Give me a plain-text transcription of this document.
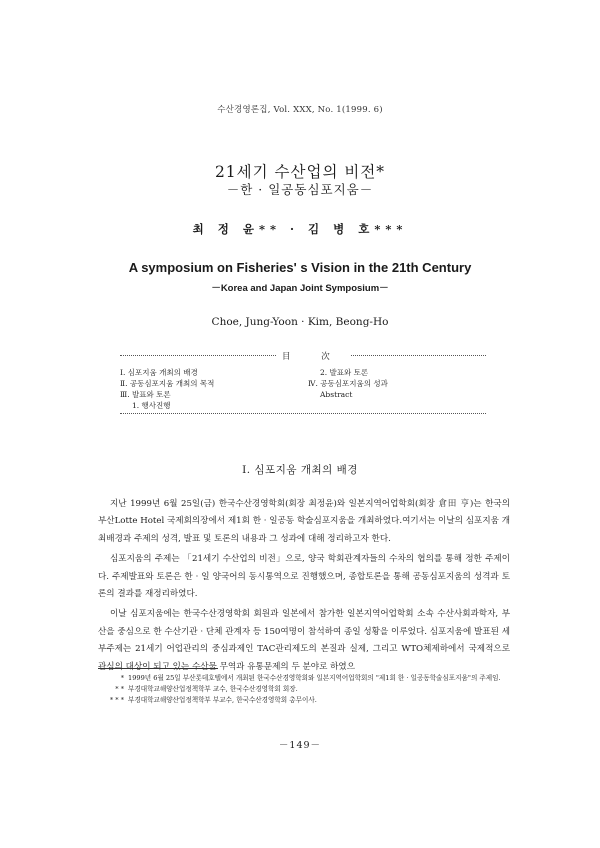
수산경영론집, Vol. XXX, No. 1(1999. 6)
21세기 수산업의 비전*
－한 · 일공동심포지움－
최 정 윤** · 김 병 호***
A symposium on Fisheries' s Vision in the 21th Century
－Korea and Japan Joint Symposium－
Choe, Jung-Yoon · Kim, Beong-Ho
目 次
Ⅰ. 심포지움 개최의 배경
Ⅱ. 공동심포지움 개최의 목적
Ⅲ. 발표와 토론
1. 행사진행
2. 발표와 토론
Ⅳ. 공동심포지움의 성과
Abstract
Ⅰ. 심포지움 개최의 배경

지난 1999년 6월 25일(금) 한국수산경영학회(회장 최정윤)와 일본지역어업학회(회장 倉田 亨)는 한국의 부산Lotte Hotel 국제회의장에서 제1회 한 · 일공동 학술심포지움을 개최하였다.여기서는 이날의 심포지움 개최배경과 주제의 성격, 발표 및 토론의 내용과 그 성과에 대해 정리하고자 한다.

심포지움의 주제는 「21세기 수산업의 비전」으로, 양국 학회관계자들의 수차의 협의를 통해 정한 주제이다. 주제발표와 토론은 한 · 일 양국어의 동시통역으로 진행했으며, 종합토론을 통해 공동심포지움의 성격과 토론의 결과를 재정리하였다.

이날 심포지움에는 한국수산경영학회 회원과 일본에서 참가한 일본지역어업학회 소속 수산사회과학자, 부산을 중심으로 한 수산기관 · 단체 관계자 등 150여명이 참석하여 종일 성황을 이루었다. 심포지움에 발표된 세부주제는 21세기 어업관리의 중심과제인 TAC관리제도의 본질과 실제, 그리고 WTO체제하에서 국제적으로 관심의 대상이 되고 있는 수산물 무역과 유통문제의 두 분야로 하였으

* 1999년 6월 25일 부산롯데호텔에서 개최된 한국수산경영학회와 일본지역어업학회의 "제1회 한 · 일공동학술심포지움"의 주제임.
* * 부경대학교해양산업정책학부 교수, 한국수산경영학회 회장.
* * * 부경대학교해양산업정책학부 부교수, 한국수산경영학회 총무이사.
－149－
